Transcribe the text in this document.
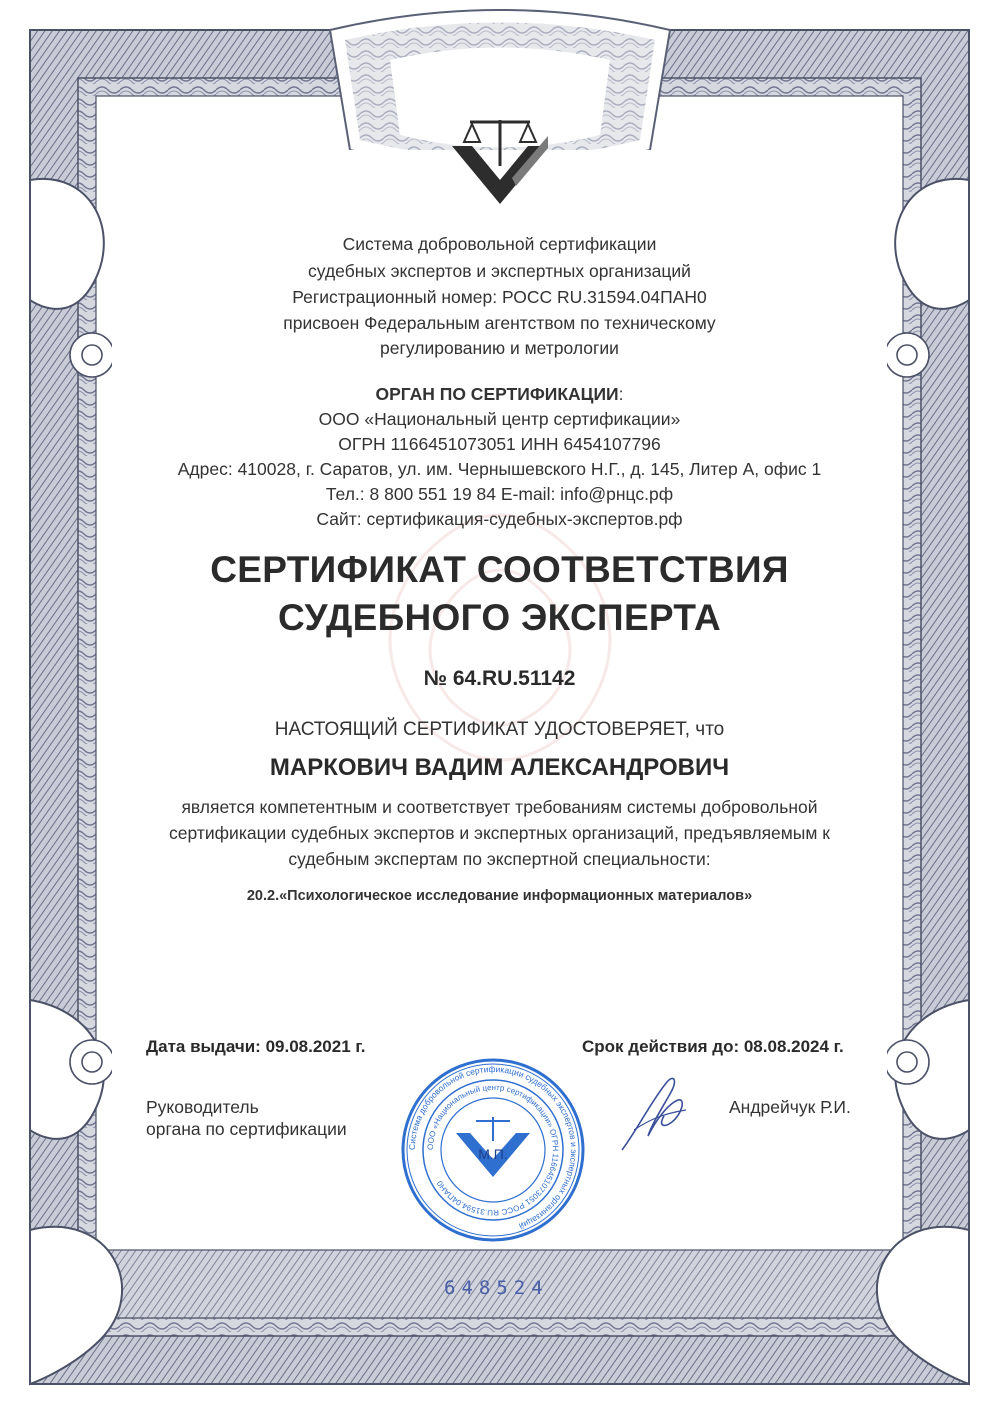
Система добровольной сертификации
судебных экспертов и экспертных организаций
Регистрационный номер: РОСС RU.31594.04ПАН0
присвоен Федеральным агентством по техническому
регулированию и метрологии
ОРГАН ПО СЕРТИФИКАЦИИ:
ООО «Национальный центр сертификации»
ОГРН 1166451073051 ИНН 6454107796
Адрес: 410028, г. Саратов, ул. им. Чернышевского Н.Г., д. 145, Литер А, офис 1
Тел.: 8 800 551 19 84 E-mail: info@рнцс.рф
Сайт: сертификация-судебных-экспертов.рф
СЕРТИФИКАТ СООТВЕТСТВИЯ
СУДЕБНОГО ЭКСПЕРТА
№ 64.RU.51142
НАСТОЯЩИЙ СЕРТИФИКАТ УДОСТОВЕРЯЕТ, что
МАРКОВИЧ ВАДИМ АЛЕКСАНДРОВИЧ
является компетентным и соответствует требованиям системы добровольной
сертификации судебных экспертов и экспертных организаций, предъявляемым к
судебным экспертам по экспертной специальности:
20.2.«Психологическое исследование информационных материалов»
Дата выдачи: 09.08.2021 г.	Срок действия до: 08.08.2024 г.
Руководитель
органа по сертификации
Андрейчук Р.И.
Система добровольной сертификации судебных экспертов и экспертных организаций
ООО «Национальный центр сертификации» ОГРН 1166451073051 РОСС RU.31594.04ПАН0
М.П.
648524
